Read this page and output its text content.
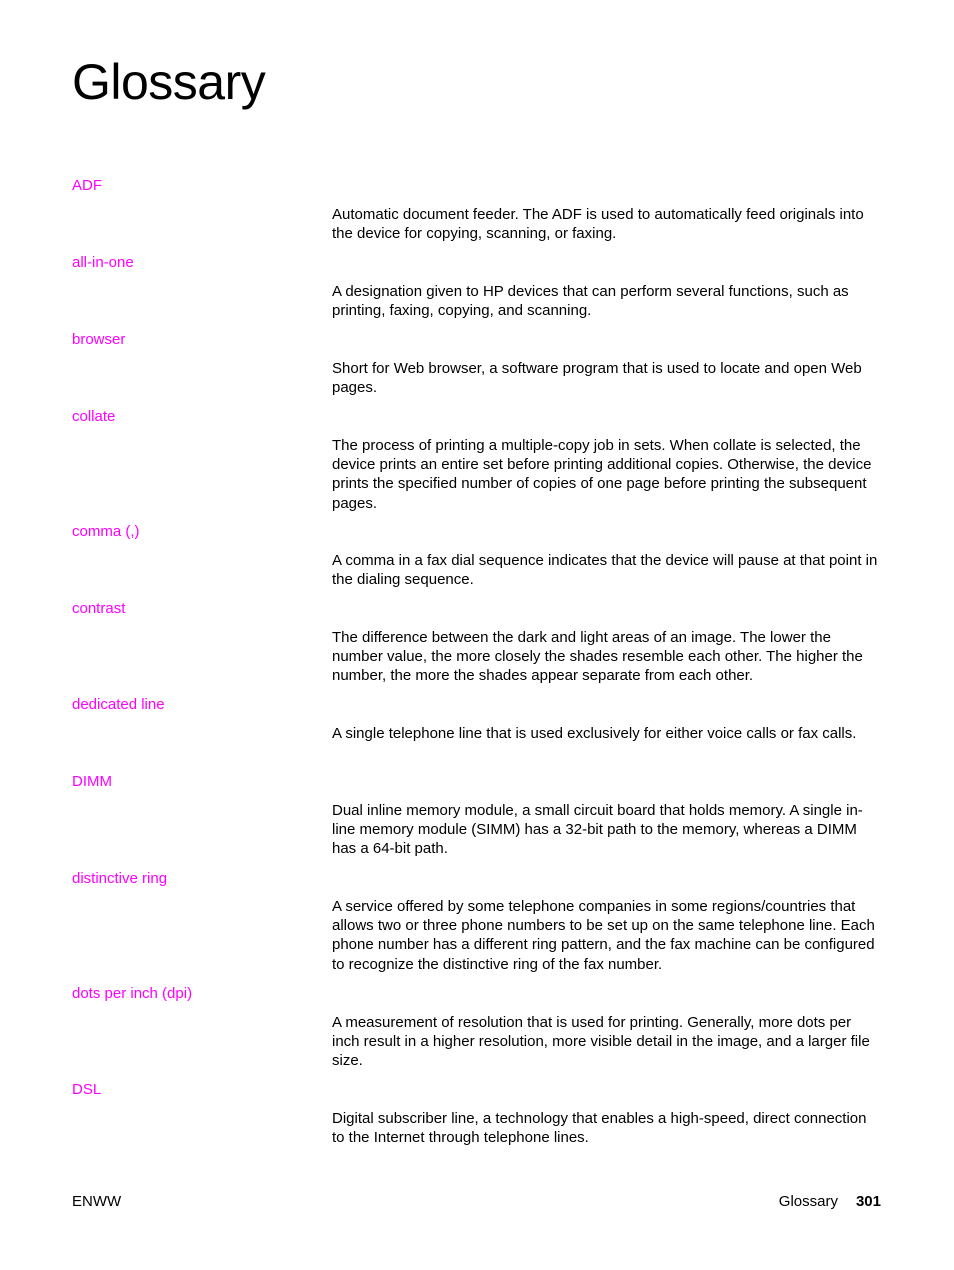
Glossary
ADF
Automatic document feeder. The ADF is used to automatically feed originals into the device for copying, scanning, or faxing.
all-in-one
A designation given to HP devices that can perform several functions, such as printing, faxing, copying, and scanning.
browser
Short for Web browser, a software program that is used to locate and open Web pages.
collate
The process of printing a multiple-copy job in sets. When collate is selected, the device prints an entire set before printing additional copies. Otherwise, the device prints the specified number of copies of one page before printing the subsequent pages.
comma (,)
A comma in a fax dial sequence indicates that the device will pause at that point in the dialing sequence.
contrast
The difference between the dark and light areas of an image. The lower the number value, the more closely the shades resemble each other. The higher the number, the more the shades appear separate from each other.
dedicated line
A single telephone line that is used exclusively for either voice calls or fax calls.
DIMM
Dual inline memory module, a small circuit board that holds memory. A single in-line memory module (SIMM) has a 32-bit path to the memory, whereas a DIMM has a 64-bit path.
distinctive ring
A service offered by some telephone companies in some regions/countries that allows two or three phone numbers to be set up on the same telephone line. Each phone number has a different ring pattern, and the fax machine can be configured to recognize the distinctive ring of the fax number.
dots per inch (dpi)
A measurement of resolution that is used for printing. Generally, more dots per inch result in a higher resolution, more visible detail in the image, and a larger file size.
DSL
Digital subscriber line, a technology that enables a high-speed, direct connection to the Internet through telephone lines.
ENWW	Glossary 301
